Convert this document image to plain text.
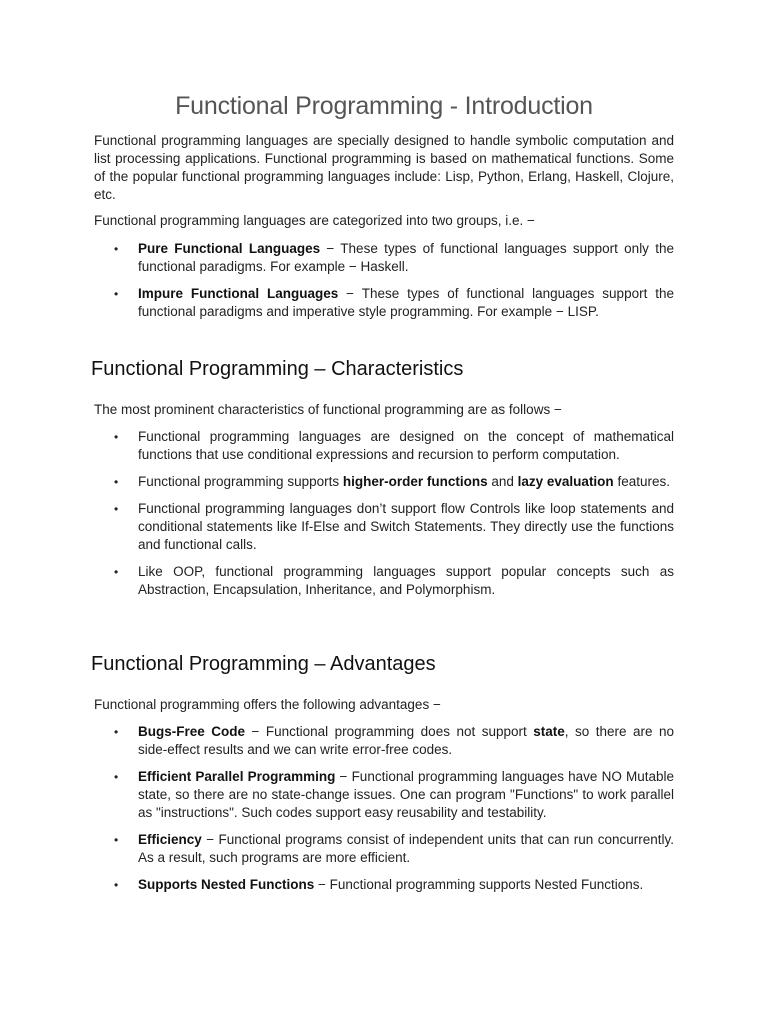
Functional Programming - Introduction

Functional programming languages are specially designed to handle symbolic computation and list processing applications. Functional programming is based on mathematical functions. Some of the popular functional programming languages include: Lisp, Python, Erlang, Haskell, Clojure, etc.

Functional programming languages are categorized into two groups, i.e. −

• Pure Functional Languages − These types of functional languages support only the functional paradigms. For example − Haskell.
• Impure Functional Languages − These types of functional languages support the functional paradigms and imperative style programming. For example − LISP.
Functional Programming – Characteristics

The most prominent characteristics of functional programming are as follows −

• Functional programming languages are designed on the concept of mathematical functions that use conditional expressions and recursion to perform computation.
• Functional programming supports higher-order functions and lazy evaluation features.
• Functional programming languages don’t support flow Controls like loop statements and conditional statements like If-Else and Switch Statements. They directly use the functions and functional calls.
• Like OOP, functional programming languages support popular concepts such as Abstraction, Encapsulation, Inheritance, and Polymorphism.
Functional Programming – Advantages

Functional programming offers the following advantages −

• Bugs-Free Code − Functional programming does not support state, so there are no side-effect results and we can write error-free codes.
• Efficient Parallel Programming − Functional programming languages have NO Mutable state, so there are no state-change issues. One can program "Functions" to work parallel as "instructions". Such codes support easy reusability and testability.
• Efficiency − Functional programs consist of independent units that can run concurrently. As a result, such programs are more efficient.
• Supports Nested Functions − Functional programming supports Nested Functions.
